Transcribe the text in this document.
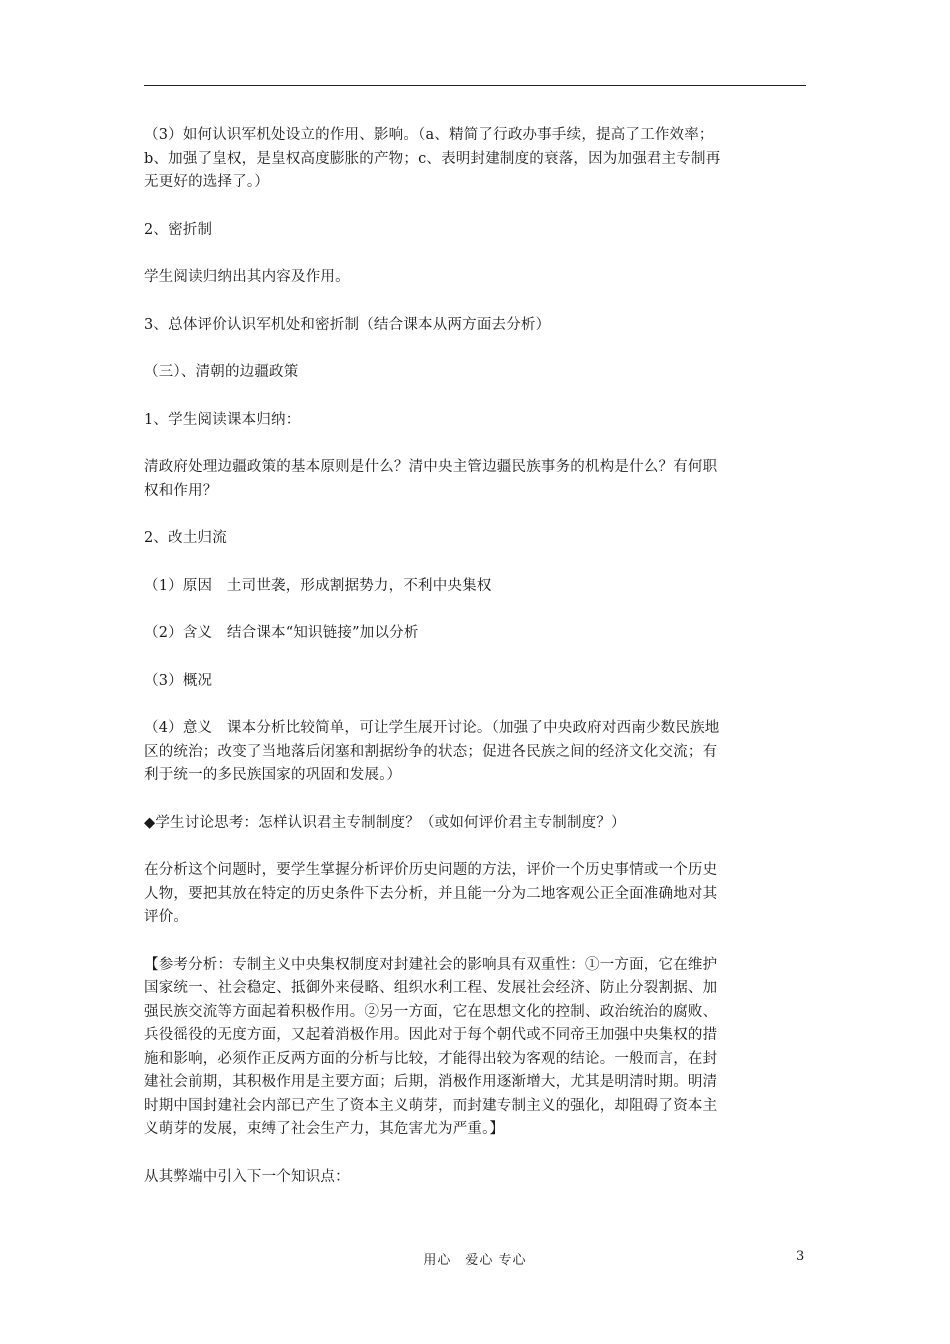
（3）如何认识军机处设立的作用、影响。（a、精简了行政办事手续，提高了工作效率；
b、加强了皇权，是皇权高度膨胀的产物；c、表明封建制度的衰落，因为加强君主专制再
无更好的选择了。）
2、密折制
学生阅读归纳出其内容及作用。
3、总体评价认识军机处和密折制（结合课本从两方面去分析）
（三）、清朝的边疆政策
1、学生阅读课本归纳：
清政府处理边疆政策的基本原则是什么？清中央主管边疆民族事务的机构是什么？有何职
权和作用？
2、改土归流
（1）原因　土司世袭，形成割据势力，不利中央集权
（2）含义　结合课本“知识链接”加以分析
（3）概况
（4）意义　课本分析比较简单，可让学生展开讨论。（加强了中央政府对西南少数民族地
区的统治；改变了当地落后闭塞和割据纷争的状态；促进各民族之间的经济文化交流；有
利于统一的多民族国家的巩固和发展。）
◆学生讨论思考：怎样认识君主专制制度？（或如何评价君主专制制度？）
在分析这个问题时，要学生掌握分析评价历史问题的方法，评价一个历史事情或一个历史
人物，要把其放在特定的历史条件下去分析，并且能一分为二地客观公正全面准确地对其
评价。
【参考分析：专制主义中央集权制度对封建社会的影响具有双重性：①一方面，它在维护
国家统一、社会稳定、抵御外来侵略、组织水利工程、发展社会经济、防止分裂割据、加
强民族交流等方面起着积极作用。②另一方面，它在思想文化的控制、政治统治的腐败、
兵役徭役的无度方面，又起着消极作用。因此对于每个朝代或不同帝王加强中央集权的措
施和影响，必须作正反两方面的分析与比较，才能得出较为客观的结论。一般而言，在封
建社会前期，其积极作用是主要方面；后期，消极作用逐渐增大，尤其是明清时期。明清
时期中国封建社会内部已产生了资本主义萌芽，而封建专制主义的强化，却阻碍了资本主
义萌芽的发展，束缚了社会生产力，其危害尤为严重。】
从其弊端中引入下一个知识点：
用心　爱心 专心	3
